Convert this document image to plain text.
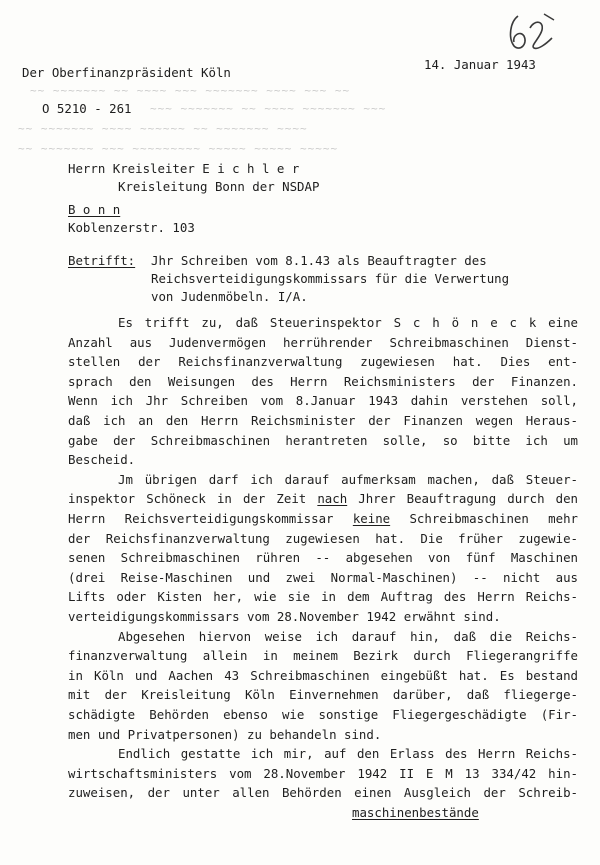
Der Oberfinanzpräsident Köln
14. Januar 1943
~~ ~~~~~~~ ~~ ~~~~ ~~~ ~~~~~~~ ~~~~ ~~~ ~~
O 5210 - 261 ~~~ ~~~~~~~ ~~ ~~~~ ~~~~~~~ ~~~
~~ ~~~~~~~ ~~~~ ~~~~~~ ~~ ~~~~~~~ ~~~~
~~ ~~~~~~~ ~~~ ~~~~~~~~~ ~~~~~ ~~~~~ ~~~~~
Herrn Kreisleiter E i c h l e r
Kreisleitung Bonn der NSDAP
B o n n
Koblenzerstr. 103
Betrifft: Jhr Schreiben vom 8.1.43 als Beauftragter des
Reichsverteidigungskommissars für die Verwertung
von Judenmöbeln. I/A.
Es trifft zu, daß Steuerinspektor S c h ö n e c k eine
Anzahl aus Judenvermögen herrührender Schreibmaschinen Dienst-
stellen der Reichsfinanzverwaltung zugewiesen hat. Dies ent-
sprach den Weisungen des Herrn Reichsministers der Finanzen.
Wenn ich Jhr Schreiben vom 8.Januar 1943 dahin verstehen soll,
daß ich an den Herrn Reichsminister der Finanzen wegen Heraus-
gabe der Schreibmaschinen herantreten solle, so bitte ich um
Bescheid.
Jm übrigen darf ich darauf aufmerksam machen, daß Steuer-
inspektor Schöneck in der Zeit nach Jhrer Beauftragung durch den
Herrn Reichsverteidigungskommissar keine Schreibmaschinen mehr
der Reichsfinanzverwaltung zugewiesen hat. Die früher zugewie-
senen Schreibmaschinen rühren -- abgesehen von fünf Maschinen
(drei Reise-Maschinen und zwei Normal-Maschinen) -- nicht aus
Lifts oder Kisten her, wie sie in dem Auftrag des Herrn Reichs-
verteidigungskommissars vom 28.November 1942 erwähnt sind.
Abgesehen hiervon weise ich darauf hin, daß die Reichs-
finanzverwaltung allein in meinem Bezirk durch Fliegerangriffe
in Köln und Aachen 43 Schreibmaschinen eingebüßt hat. Es bestand
mit der Kreisleitung Köln Einvernehmen darüber, daß fliegerge-
schädigte Behörden ebenso wie sonstige Fliegergeschädigte (Fir-
men und Privatpersonen) zu behandeln sind.
Endlich gestatte ich mir, auf den Erlass des Herrn Reichs-
wirtschaftsministers vom 28.November 1942 II E M 13 334/42 hin-
zuweisen, der unter allen Behörden einen Ausgleich der Schreib-
maschinenbestände
